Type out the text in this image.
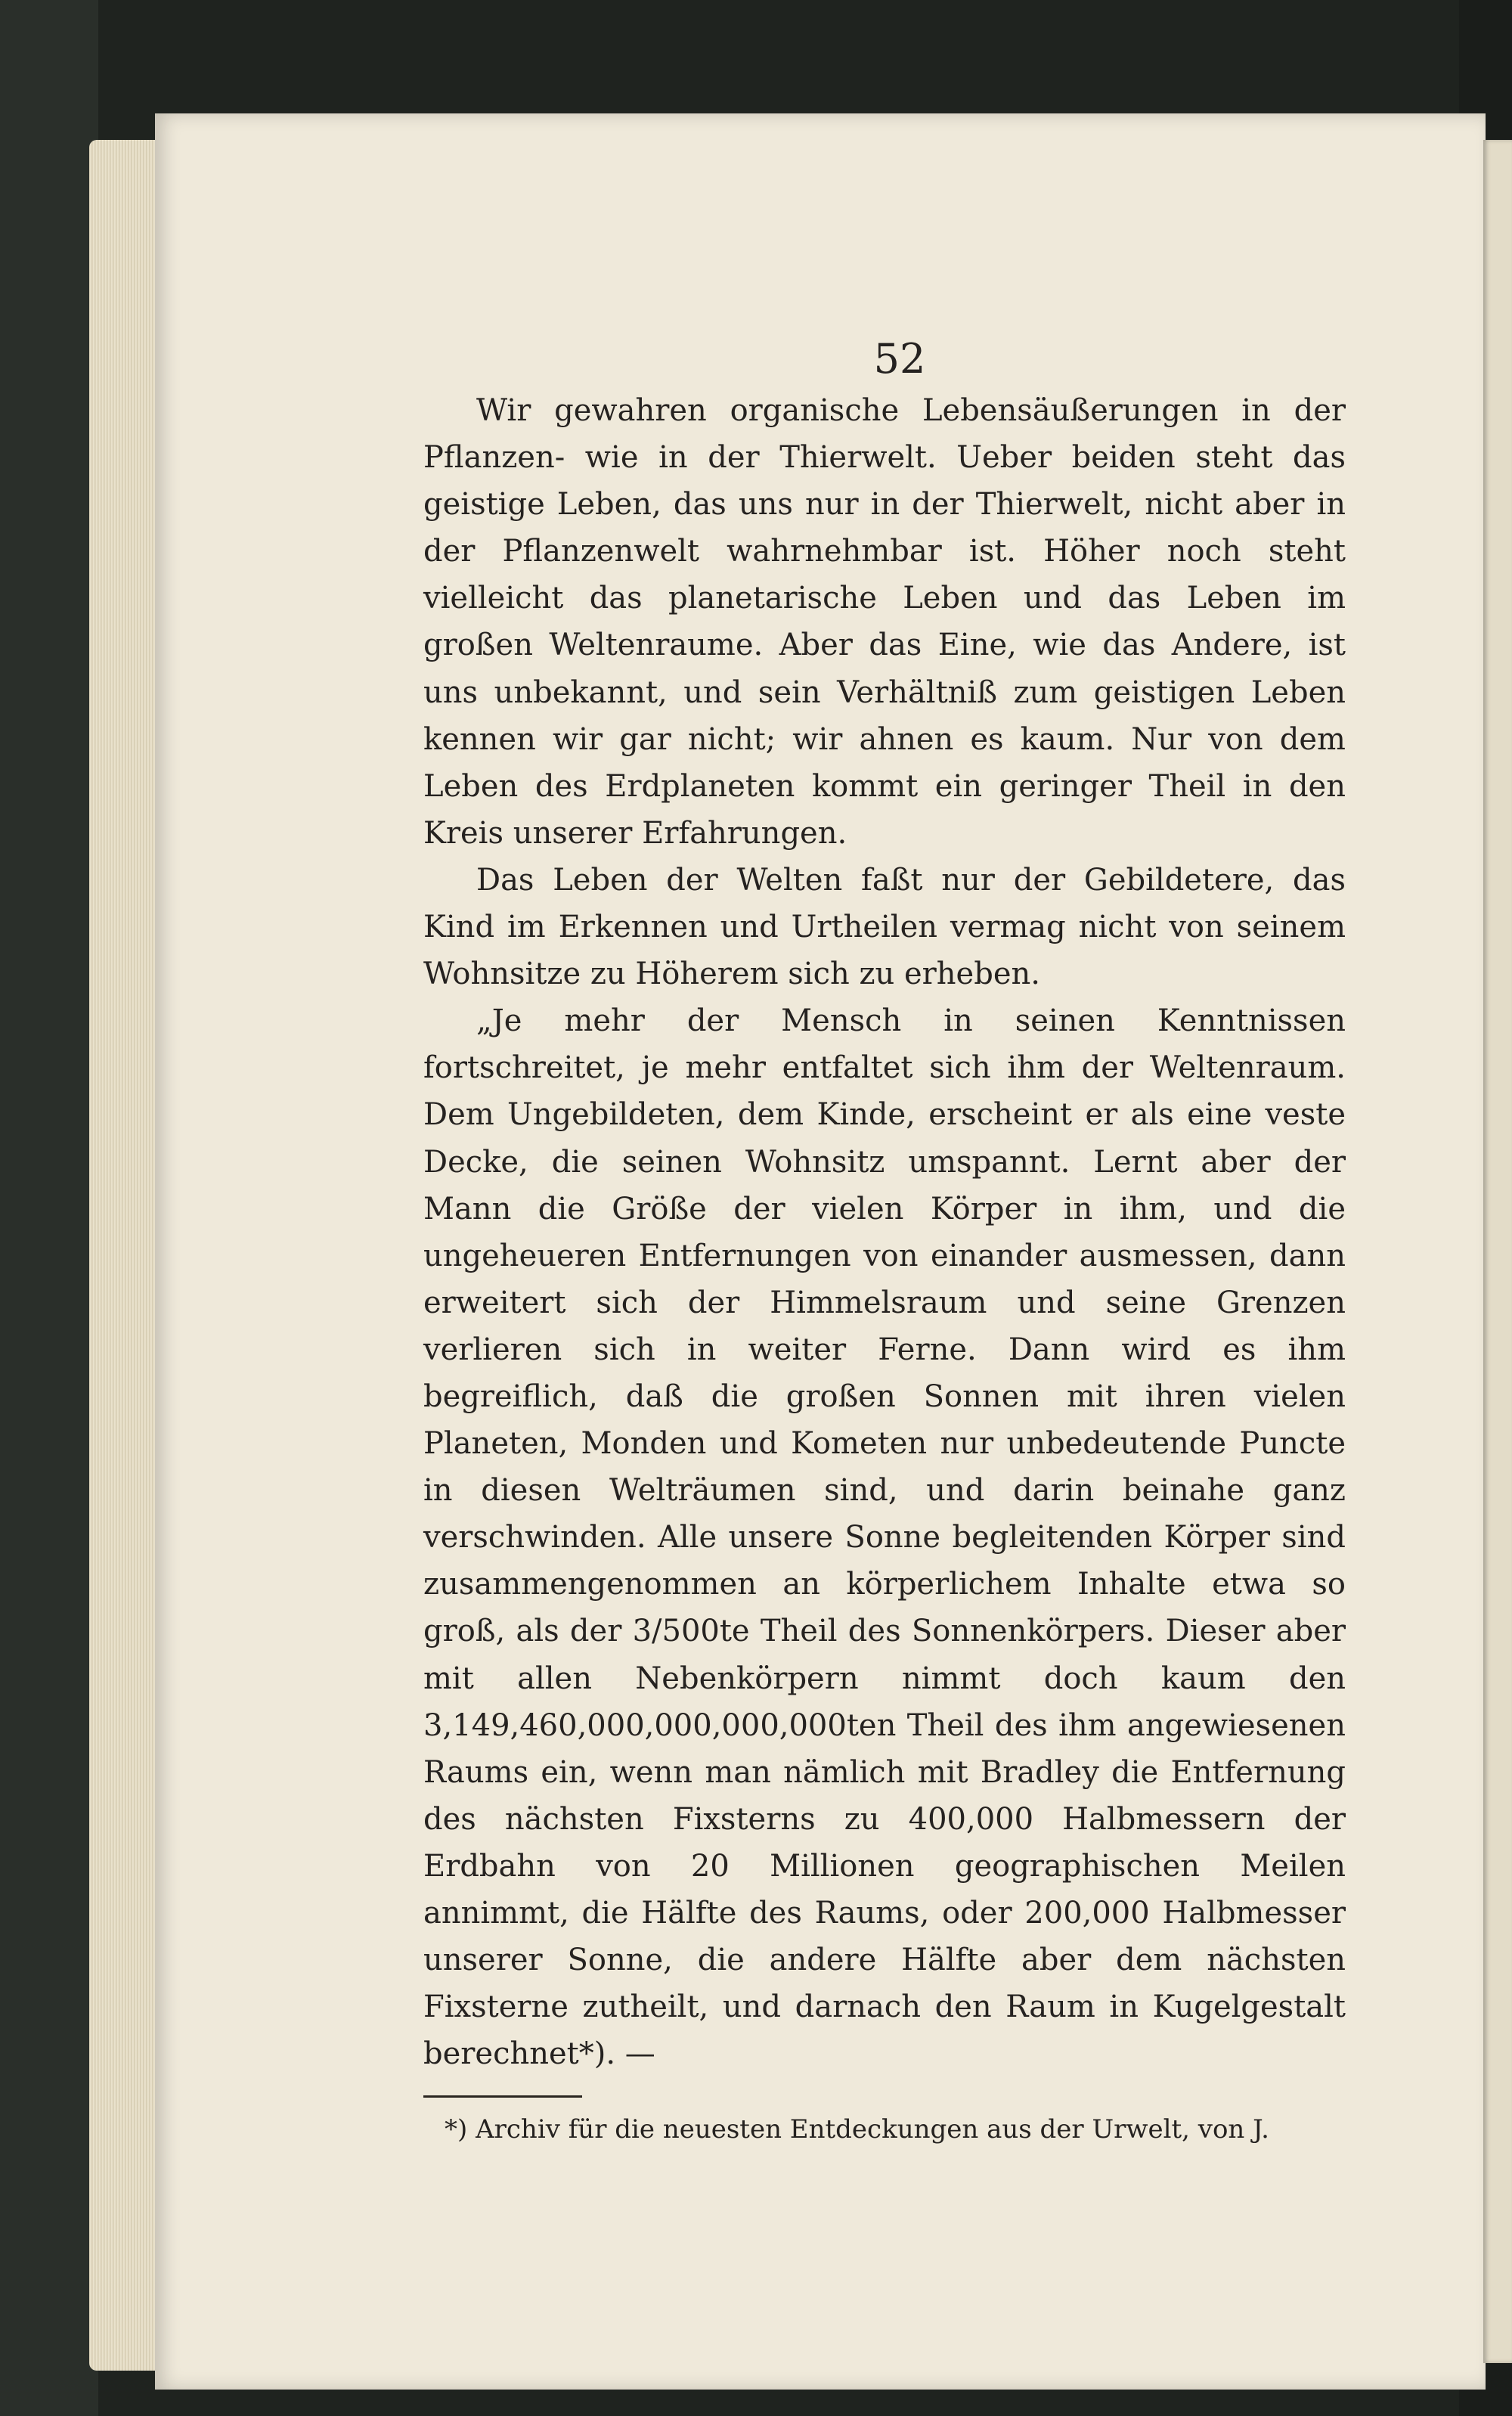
52

Wir gewahren organische Lebensäußerungen in der Pflanzen- wie in der Thierwelt. Ueber beiden steht das geistige Leben, das uns nur in der Thierwelt, nicht aber in der Pflanzenwelt wahrnehmbar ist. Höher noch steht vielleicht das planetarische Leben und das Leben im großen Weltenraume. Aber das Eine, wie das Andere, ist uns unbekannt, und sein Verhältniß zum geistigen Leben kennen wir gar nicht; wir ahnen es kaum. Nur von dem Leben des Erdplaneten kommt ein geringer Theil in den Kreis unserer Erfahrungen.

Das Leben der Welten faßt nur der Gebildetere, das Kind im Erkennen und Urtheilen vermag nicht von seinem Wohnsitze zu Höherem sich zu erheben.

„Je mehr der Mensch in seinen Kenntnissen fortschreitet, je mehr entfaltet sich ihm der Weltenraum. Dem Ungebildeten, dem Kinde, erscheint er als eine veste Decke, die seinen Wohnsitz umspannt. Lernt aber der Mann die Größe der vielen Körper in ihm, und die ungeheueren Entfernungen von einander ausmessen, dann erweitert sich der Himmelsraum und seine Grenzen verlieren sich in weiter Ferne. Dann wird es ihm begreiflich, daß die großen Sonnen mit ihren vielen Planeten, Monden und Kometen nur unbedeutende Puncte in diesen Welträumen sind, und darin beinahe ganz verschwinden. Alle unsere Sonne begleitenden Körper sind zusammengenommen an körperlichem Inhalte etwa so groß, als der 3/500te Theil des Sonnenkörpers. Dieser aber mit allen Nebenkörpern nimmt doch kaum den 3,149,460,000,000,000,000ten Theil des ihm angewiesenen Raums ein, wenn man nämlich mit Bradley die Entfernung des nächsten Fixsterns zu 400,000 Halbmessern der Erdbahn von 20 Millionen geographischen Meilen annimmt, die Hälfte des Raums, oder 200,000 Halbmesser unserer Sonne, die andere Hälfte aber dem nächsten Fixsterne zutheilt, und darnach den Raum in Kugelgestalt berechnet*). —

*) Archiv für die neuesten Entdeckungen aus der Urwelt, von J.
